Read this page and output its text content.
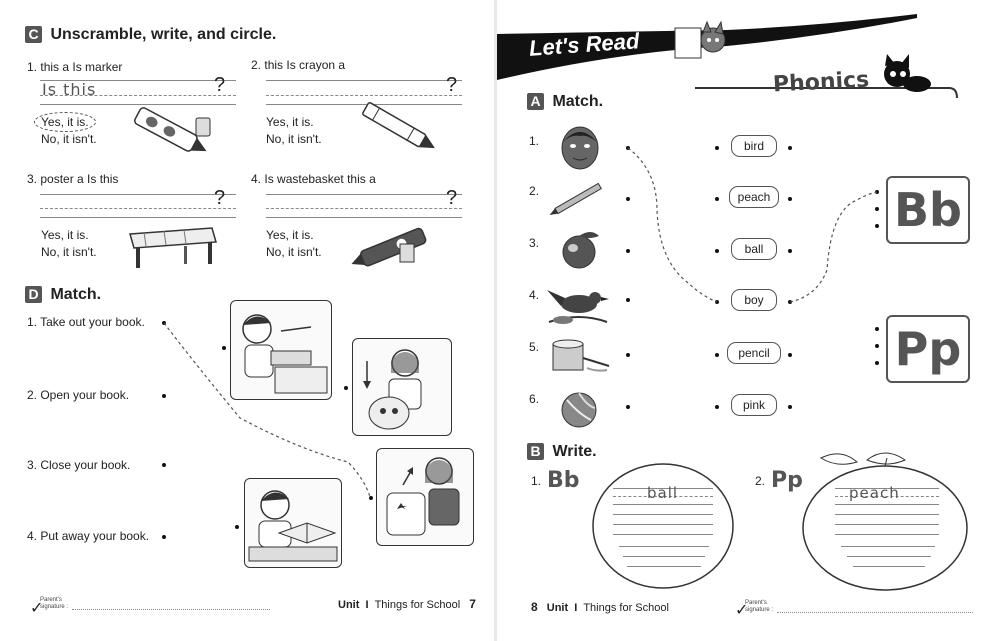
C Unscramble, write, and circle.
1. this a Is marker
Is this	?
Yes, it is.
No, it isn't.
2. this Is crayon a
?
Yes, it is.
No, it isn't.
3. poster a Is this
?
Yes, it is.
No, it isn't.
4. Is wastebasket this a
?
Yes, it is.
No, it isn't.
D Match.
1. Take out your book.
2. Open your book.
3. Close your book.
4. Put away your book.
✓
Parent's
signature :	Unit I Things for School 7
Let's Read
Phonics
A Match.
1.
2.
3.
4.
5.
6.
bird
peach
ball
boy
pencil
pink
Bb
Pp
B Write.
1. Bb	ball
2. Pp	peach
8 Unit I Things for School	✓
Parent's
signature :
